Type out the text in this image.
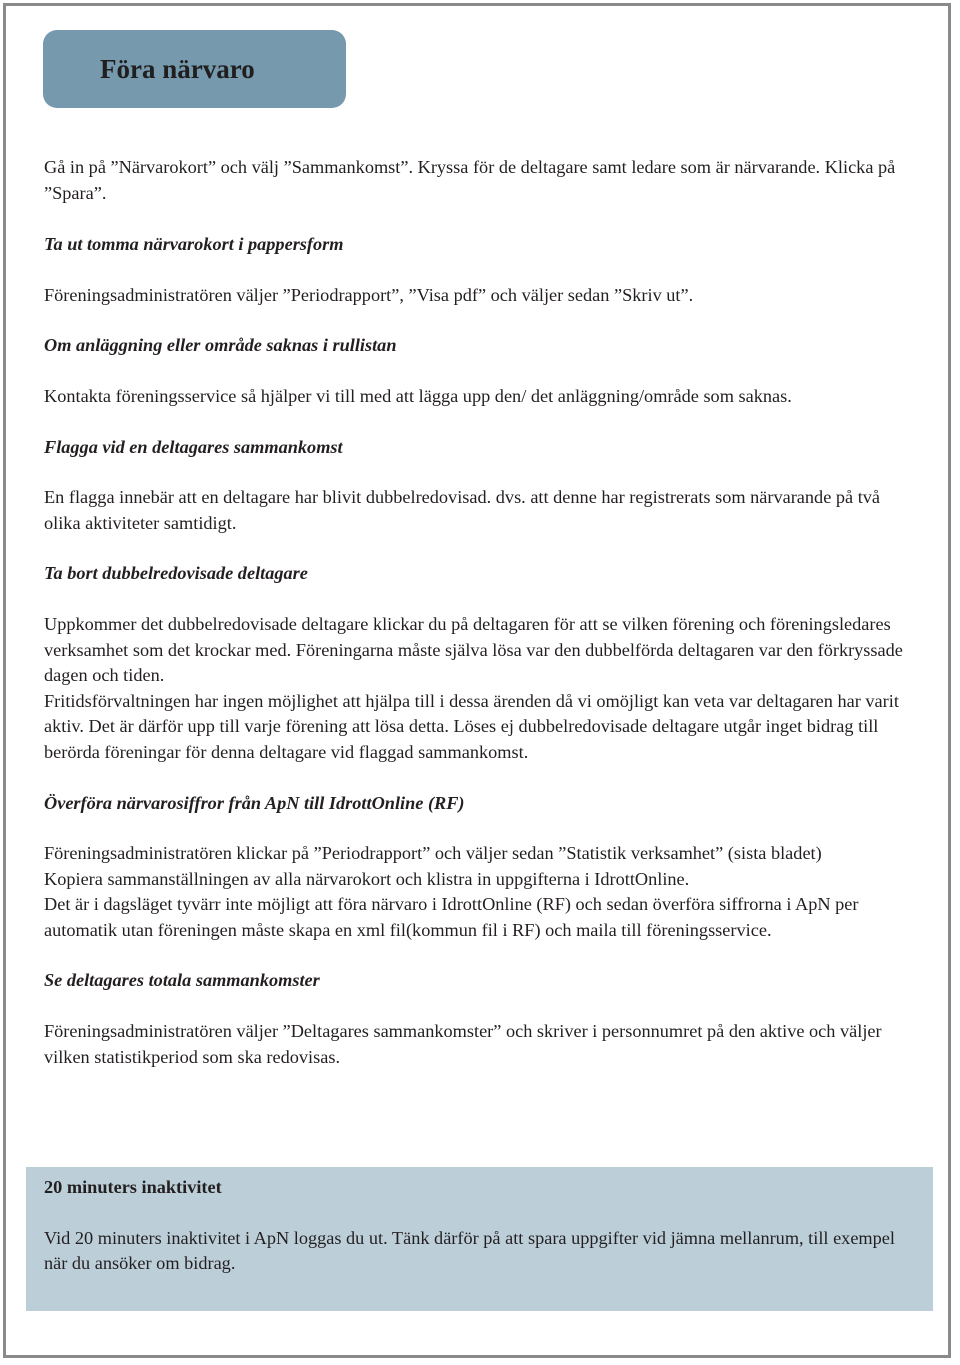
Föra närvaro

Gå in på ”Närvarokort” och välj ”Sammankomst”. Kryssa för de deltagare samt ledare som är närvarande. Klicka på ”Spara”.

Ta ut tomma närvarokort i pappersform

Föreningsadministratören väljer ”Periodrapport”, ”Visa pdf” och väljer sedan ”Skriv ut”.

Om anläggning eller område saknas i rullistan

Kontakta föreningsservice så hjälper vi till med att lägga upp den/ det anläggning/område som saknas.

Flagga vid en deltagares sammankomst

En flagga innebär att en deltagare har blivit dubbelredovisad. dvs. att denne har registrerats som närvarande på två olika aktiviteter samtidigt.

Ta bort dubbelredovisade deltagare

Uppkommer det dubbelredovisade deltagare klickar du på deltagaren för att se vilken förening och föreningsledares verksamhet som det krockar med. Föreningarna måste själva lösa var den dubbelförda deltagaren var den förkryssade dagen och tiden.

Fritidsförvaltningen har ingen möjlighet att hjälpa till i dessa ärenden då vi omöjligt kan veta var deltagaren har varit aktiv. Det är därför upp till varje förening att lösa detta. Löses ej dubbelredovisade deltagare utgår inget bidrag till berörda föreningar för denna deltagare vid flaggad sammankomst.

Överföra närvarosiffror från ApN till IdrottOnline (RF)

Föreningsadministratören klickar på ”Periodrapport” och väljer sedan ”Statistik verksamhet” (sista bladet)

Kopiera sammanställningen av alla närvarokort och klistra in uppgifterna i IdrottOnline.

Det är i dagsläget tyvärr inte möjligt att föra närvaro i IdrottOnline (RF) och sedan överföra siffrorna i ApN per automatik utan föreningen måste skapa en xml fil(kommun fil i RF) och maila till föreningsservice.

Se deltagares totala sammankomster

Föreningsadministratören väljer ”Deltagares sammankomster” och skriver i personnumret på den aktive och väljer vilken statistikperiod som ska redovisas.

20 minuters inaktivitet

Vid 20 minuters inaktivitet i ApN loggas du ut. Tänk därför på att spara uppgifter vid jämna mellanrum, till exempel när du ansöker om bidrag.
